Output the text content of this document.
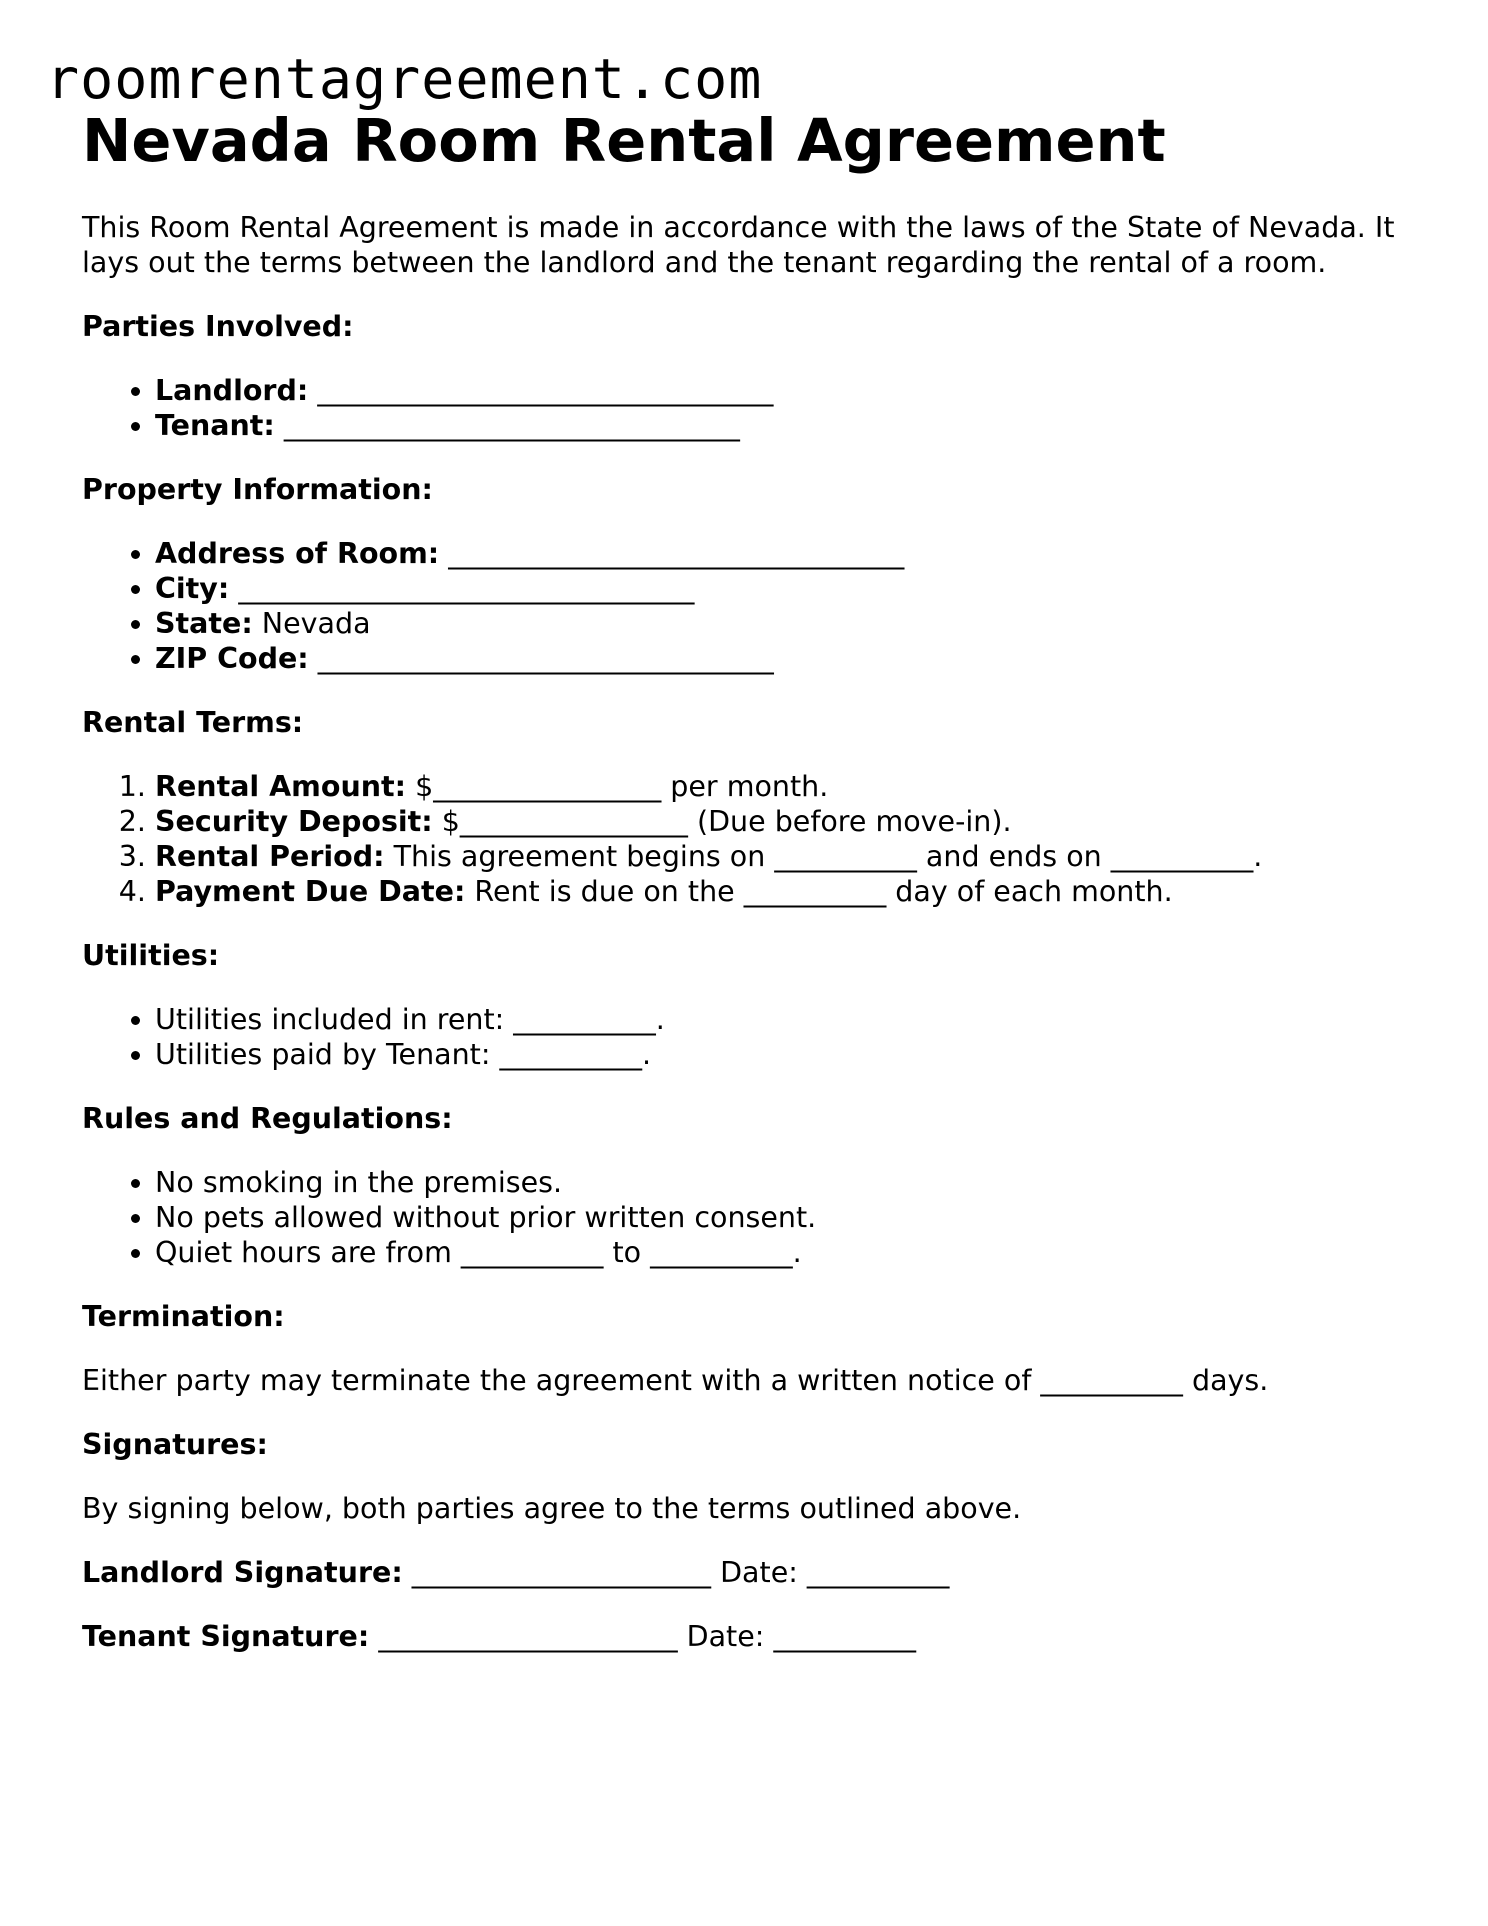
roomrentagreement.com
Nevada Room Rental Agreement

This Room Rental Agreement is made in accordance with the laws of the State of Nevada. It lays out the terms between the landlord and the tenant regarding the rental of a room.

Parties Involved:
• Landlord: ________________________________
• Tenant: ________________________________
Property Information:
• Address of Room: ________________________________
• City: ________________________________
• State: Nevada
• ZIP Code: ________________________________
Rental Terms:
1. Rental Amount: $________________ per month.
2. Security Deposit: $________________ (Due before move-in).
3. Rental Period: This agreement begins on __________ and ends on __________.
4. Payment Due Date: Rent is due on the __________ day of each month.
Utilities:
• Utilities included in rent: __________.
• Utilities paid by Tenant: __________.
Rules and Regulations:
• No smoking in the premises.
• No pets allowed without prior written consent.
• Quiet hours are from __________ to __________.
Termination:

Either party may terminate the agreement with a written notice of __________ days.

Signatures:

By signing below, both parties agree to the terms outlined above.

Landlord Signature: _____________________ Date: __________

Tenant Signature: _____________________ Date: __________
